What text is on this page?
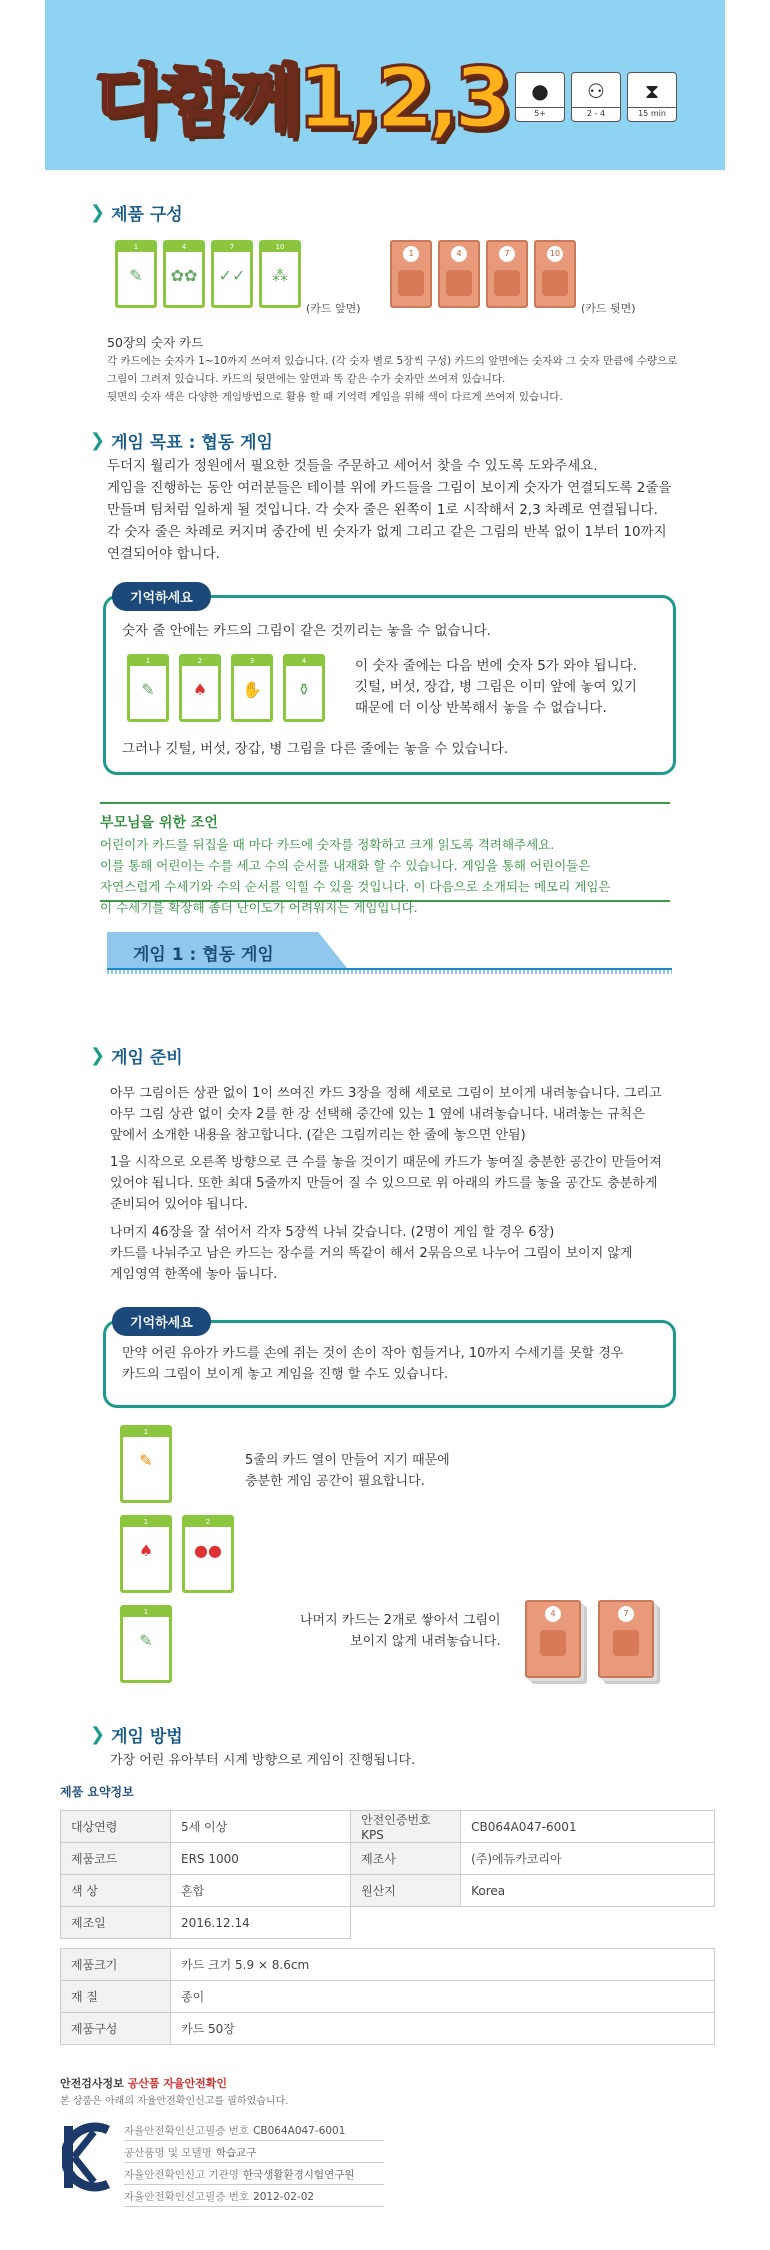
다함께1,2,3 ●
5+
⚇
2 - 4
⧗
15 min
❯ 제품 구성
1
✎
4
✿✿
7
✓✓
10
⁂
(카드 앞면)
1	4	7	10
(카드 뒷면)
50장의 숫자 카드
각 카드에는 숫자가 1~10까지 쓰여져 있습니다. (각 숫자 별로 5장씩 구성) 카드의 앞면에는 숫자와 그 숫자 만큼에 수량으로
그림이 그려져 있습니다. 카드의 뒷면에는 앞면과 똑 같은 수가 숫자만 쓰여져 있습니다.
뒷면의 숫자 색은 다양한 게임방법으로 활용 할 때 기억력 게임을 위해 색이 다르게 쓰여져 있습니다.
❯ 게임 목표 : 협동 게임
두더지 월리가 정원에서 필요한 것들을 주문하고 세어서 찾을 수 있도록 도와주세요.
게임을 진행하는 동안 여러분들은 테이블 위에 카드들을 그림이 보이게 숫자가 연결되도록 2줄을
만들며 팀처럼 일하게 될 것입니다. 각 숫자 줄은 왼쪽이 1로 시작해서 2,3 차례로 연결됩니다.
각 숫자 줄은 차례로 커지며 중간에 빈 숫자가 없게 그리고 같은 그림의 반복 없이 1부터 10까지
연결되어야 합니다.
기억하세요
숫자 줄 안에는 카드의 그림이 같은 것끼리는 놓을 수 없습니다.
1
✎
2
♠
3
✋
4
⚱
이 숫자 줄에는 다음 번에 숫자 5가 와야 됩니다.
깃털, 버섯, 장갑, 병 그림은 이미 앞에 놓여 있기
때문에 더 이상 반복해서 놓을 수 없습니다.
그러나 깃털, 버섯, 장갑, 병 그림을 다른 줄에는 놓을 수 있습니다.
부모님을 위한 조언
어린이가 카드를 뒤집을 때 마다 카드에 숫자를 정확하고 크게 읽도록 격려해주세요.
이를 통해 어린이는 수를 세고 수의 순서를 내재화 할 수 있습니다. 게임을 통해 어린이들은
자연스럽게 수세기와 수의 순서를 익힐 수 있을 것입니다. 이 다음으로 소개되는 메모리 게임은
이 수세기를 확장해 좀더 난이도가 어려워지는 게임입니다.
게임 1 : 협동 게임
❯ 게임 준비
아무 그림이든 상관 없이 1이 쓰여진 카드 3장을 정해 세로로 그림이 보이게 내려놓습니다. 그리고
아무 그림 상관 없이 숫자 2를 한 장 선택해 중간에 있는 1 옆에 내려놓습니다. 내려놓는 규칙은
앞에서 소개한 내용을 참고합니다. (같은 그림끼리는 한 줄에 놓으면 안됨)
1을 시작으로 오른쪽 방향으로 큰 수를 놓을 것이기 때문에 카드가 놓여질 충분한 공간이 만들어져
있어야 됩니다. 또한 최대 5줄까지 만들어 질 수 있으므로 위 아래의 카드를 놓을 공간도 충분하게
준비되어 있어야 됩니다.
나머지 46장을 잘 섞어서 각자 5장씩 나눠 갖습니다. (2명이 게임 할 경우 6장)
카드를 나눠주고 남은 카드는 장수를 거의 똑같이 해서 2묶음으로 나누어 그림이 보이지 않게
게임영역 한쪽에 놓아 둡니다.
기억하세요
만약 어린 유아가 카드를 손에 쥐는 것이 손이 작아 힘들거나, 10까지 수세기를 못할 경우
카드의 그림이 보이게 놓고 게임을 진행 할 수도 있습니다.
1
✎
1
♠
2
●●
1
✎
5줄의 카드 열이 만들어 지기 때문에
충분한 게임 공간이 필요합니다.
나머지 카드는 2개로 쌓아서 그림이
보이지 않게 내려놓습니다.
4	7
❯ 게임 방법
가장 어린 유아부터 시계 방향으로 게임이 진행됩니다.
제품 요약정보
대상연령	5세 이상	안전인증번호KPS	CB064A047-6001
제품코드	ERS 1000	제조사	(주)에듀카코리아
색 상	혼합	원산지	Korea
제조일	2016.12.14		

제품크기	카드 크기 5.9 × 8.6cm		
재 질	종이		
제품구성	카드 50장		
안전검사정보 공산품 자율안전확인
본 상품은 아래의 자율안전확인신고를 필하였습니다.
자율안전확인신고필증 번호 CB064A047-6001
공산품명 및 모델명 학습교구
자율안전확인신고 기관명 한국생활환경시험연구원
자율안전확인신고필증 번호 2012-02-02
